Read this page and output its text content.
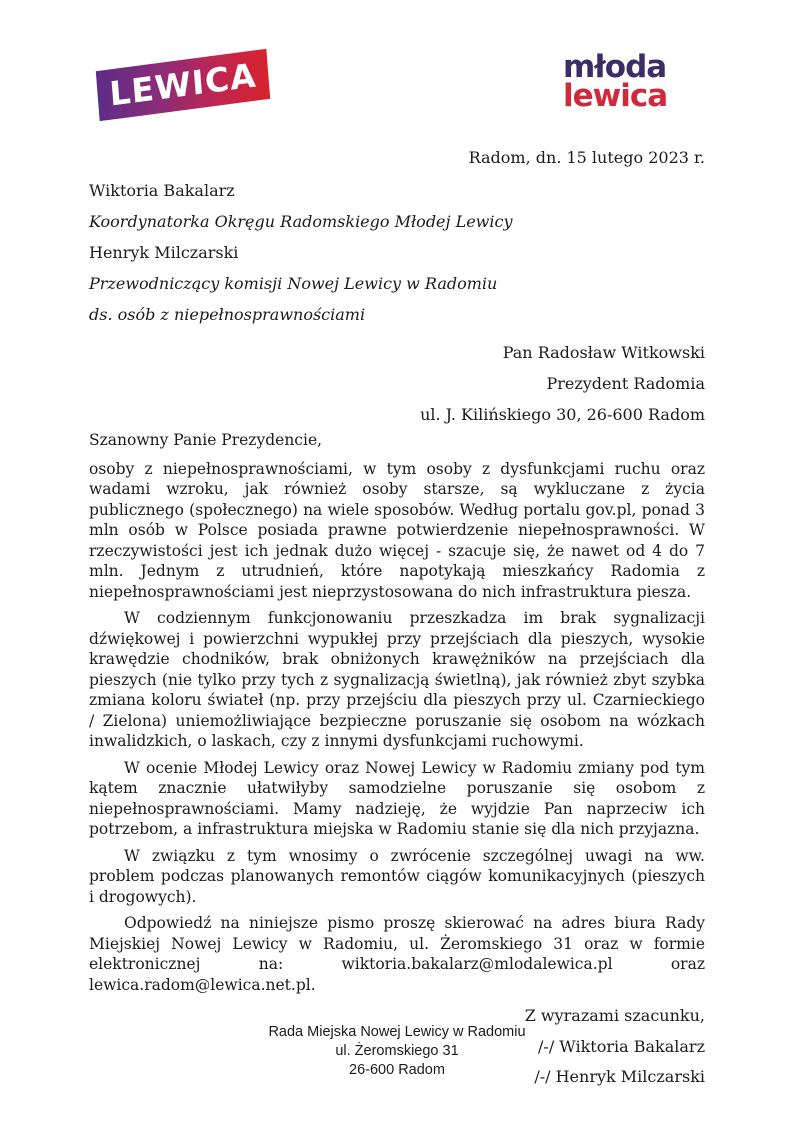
LEWICA	młoda
lewica

Radom, dn. 15 lutego 2023 r.

Wiktoria Bakalarz

Koordynatorka Okręgu Radomskiego Młodej Lewicy

Henryk Milczarski

Przewodniczący komisji Nowej Lewicy w Radomiu

ds. osób z niepełnosprawnościami

Pan Radosław Witkowski

Prezydent Radomia

ul. J. Kilińskiego 30, 26-600 Radom

Szanowny Panie Prezydencie,

osoby z niepełnosprawnościami, w tym osoby z dysfunkcjami ruchu oraz wadami wzroku, jak również osoby starsze, są wykluczane z życia publicznego (społecznego) na wiele sposobów. Według portalu gov.pl, ponad 3 mln osób w Polsce posiada prawne potwierdzenie niepełnosprawności. W rzeczywistości jest ich jednak dużo więcej - szacuje się, że nawet od 4 do 7 mln. Jednym z utrudnień, które napotykają mieszkańcy Radomia z niepełnosprawnościami jest nieprzystosowana do nich infrastruktura piesza.

W codziennym funkcjonowaniu przeszkadza im brak sygnalizacji dźwiękowej i powierzchni wypukłej przy przejściach dla pieszych, wysokie krawędzie chodników, brak obniżonych krawężników na przejściach dla pieszych (nie tylko przy tych z sygnalizacją świetlną), jak również zbyt szybka zmiana koloru świateł (np. przy przejściu dla pieszych przy ul. Czarnieckiego / Zielona) uniemożliwiające bezpieczne poruszanie się osobom na wózkach inwalidzkich, o laskach, czy z innymi dysfunkcjami ruchowymi.

W ocenie Młodej Lewicy oraz Nowej Lewicy w Radomiu zmiany pod tym kątem znacznie ułatwiłyby samodzielne poruszanie się osobom z niepełnosprawnościami. Mamy nadzieję, że wyjdzie Pan naprzeciw ich potrzebom, a infrastruktura miejska w Radomiu stanie się dla nich przyjazna.

W związku z tym wnosimy o zwrócenie szczególnej uwagi na ww. problem podczas planowanych remontów ciągów komunikacyjnych (pieszych i drogowych).

Odpowiedź na niniejsze pismo proszę skierować na adres biura Rady Miejskiej Nowej Lewicy w Radomiu, ul. Żeromskiego 31 oraz w formie elektronicznej na: wiktoria.bakalarz@mlodalewica.pl oraz lewica.radom@lewica.net.pl.

Z wyrazami szacunku,

/-/ Wiktoria Bakalarz

/-/ Henryk Milczarski

Rada Miejska Nowej Lewicy w Radomiu
ul. Żeromskiego 31
26-600 Radom
